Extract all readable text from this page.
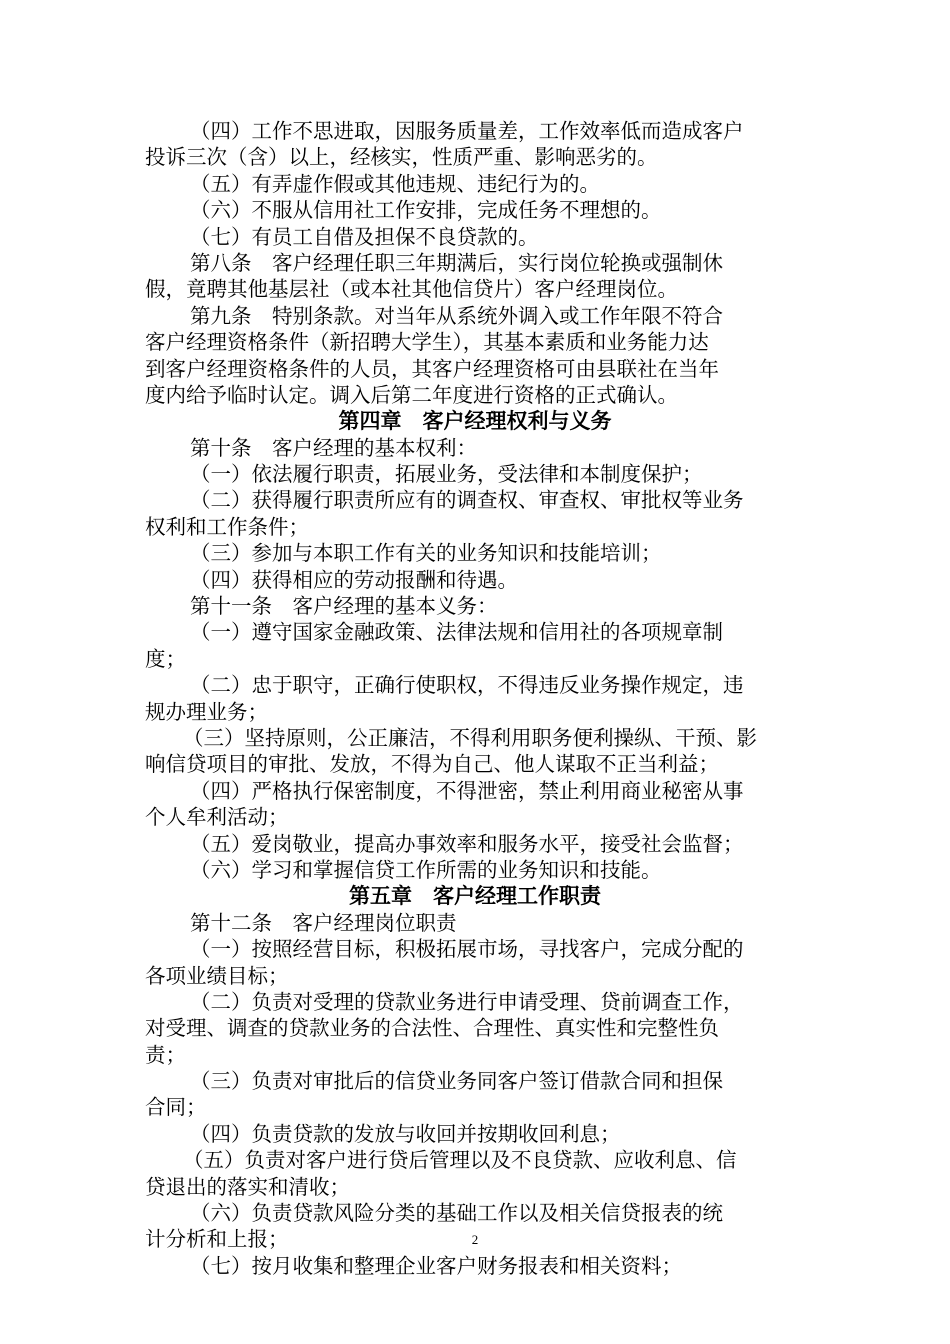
（四）工作不思进取，因服务质量差，工作效率低而造成客户
投诉三次（含）以上，经核实，性质严重、影响恶劣的。
（五）有弄虚作假或其他违规、违纪行为的。
（六）不服从信用社工作安排，完成任务不理想的。
（七）有员工自借及担保不良贷款的。
第八条　客户经理任职三年期满后，实行岗位轮换或强制休
假，竟聘其他基层社（或本社其他信贷片）客户经理岗位。
第九条　特别条款。对当年从系统外调入或工作年限不符合
客户经理资格条件（新招聘大学生），其基本素质和业务能力达
到客户经理资格条件的人员，其客户经理资格可由县联社在当年
度内给予临时认定。调入后第二年度进行资格的正式确认。
第四章　客户经理权利与义务
第十条　客户经理的基本权利：
（一）依法履行职责，拓展业务，受法律和本制度保护；
（二）获得履行职责所应有的调查权、审查权、审批权等业务
权利和工作条件；
（三）参加与本职工作有关的业务知识和技能培训；
（四）获得相应的劳动报酬和待遇。
第十一条　客户经理的基本义务：
（一）遵守国家金融政策、法律法规和信用社的各项规章制
度；
（二）忠于职守，正确行使职权，不得违反业务操作规定，违
规办理业务；
（三）坚持原则，公正廉洁，不得利用职务便利操纵、干预、影
响信贷项目的审批、发放，不得为自己、他人谋取不正当利益；
（四）严格执行保密制度，不得泄密，禁止利用商业秘密从事
个人牟利活动；
（五）爱岗敬业，提高办事效率和服务水平，接受社会监督；
（六）学习和掌握信贷工作所需的业务知识和技能。
第五章　客户经理工作职责
第十二条　客户经理岗位职责
（一）按照经营目标，积极拓展市场，寻找客户，完成分配的
各项业绩目标；
（二）负责对受理的贷款业务进行申请受理、贷前调查工作，
对受理、调查的贷款业务的合法性、合理性、真实性和完整性负
责；
（三）负责对审批后的信贷业务同客户签订借款合同和担保
合同；
（四）负责贷款的发放与收回并按期收回利息；
（五）负责对客户进行贷后管理以及不良贷款、应收利息、信
贷退出的落实和清收；
（六）负责贷款风险分类的基础工作以及相关信贷报表的统
计分析和上报；
（七）按月收集和整理企业客户财务报表和相关资料；
2
